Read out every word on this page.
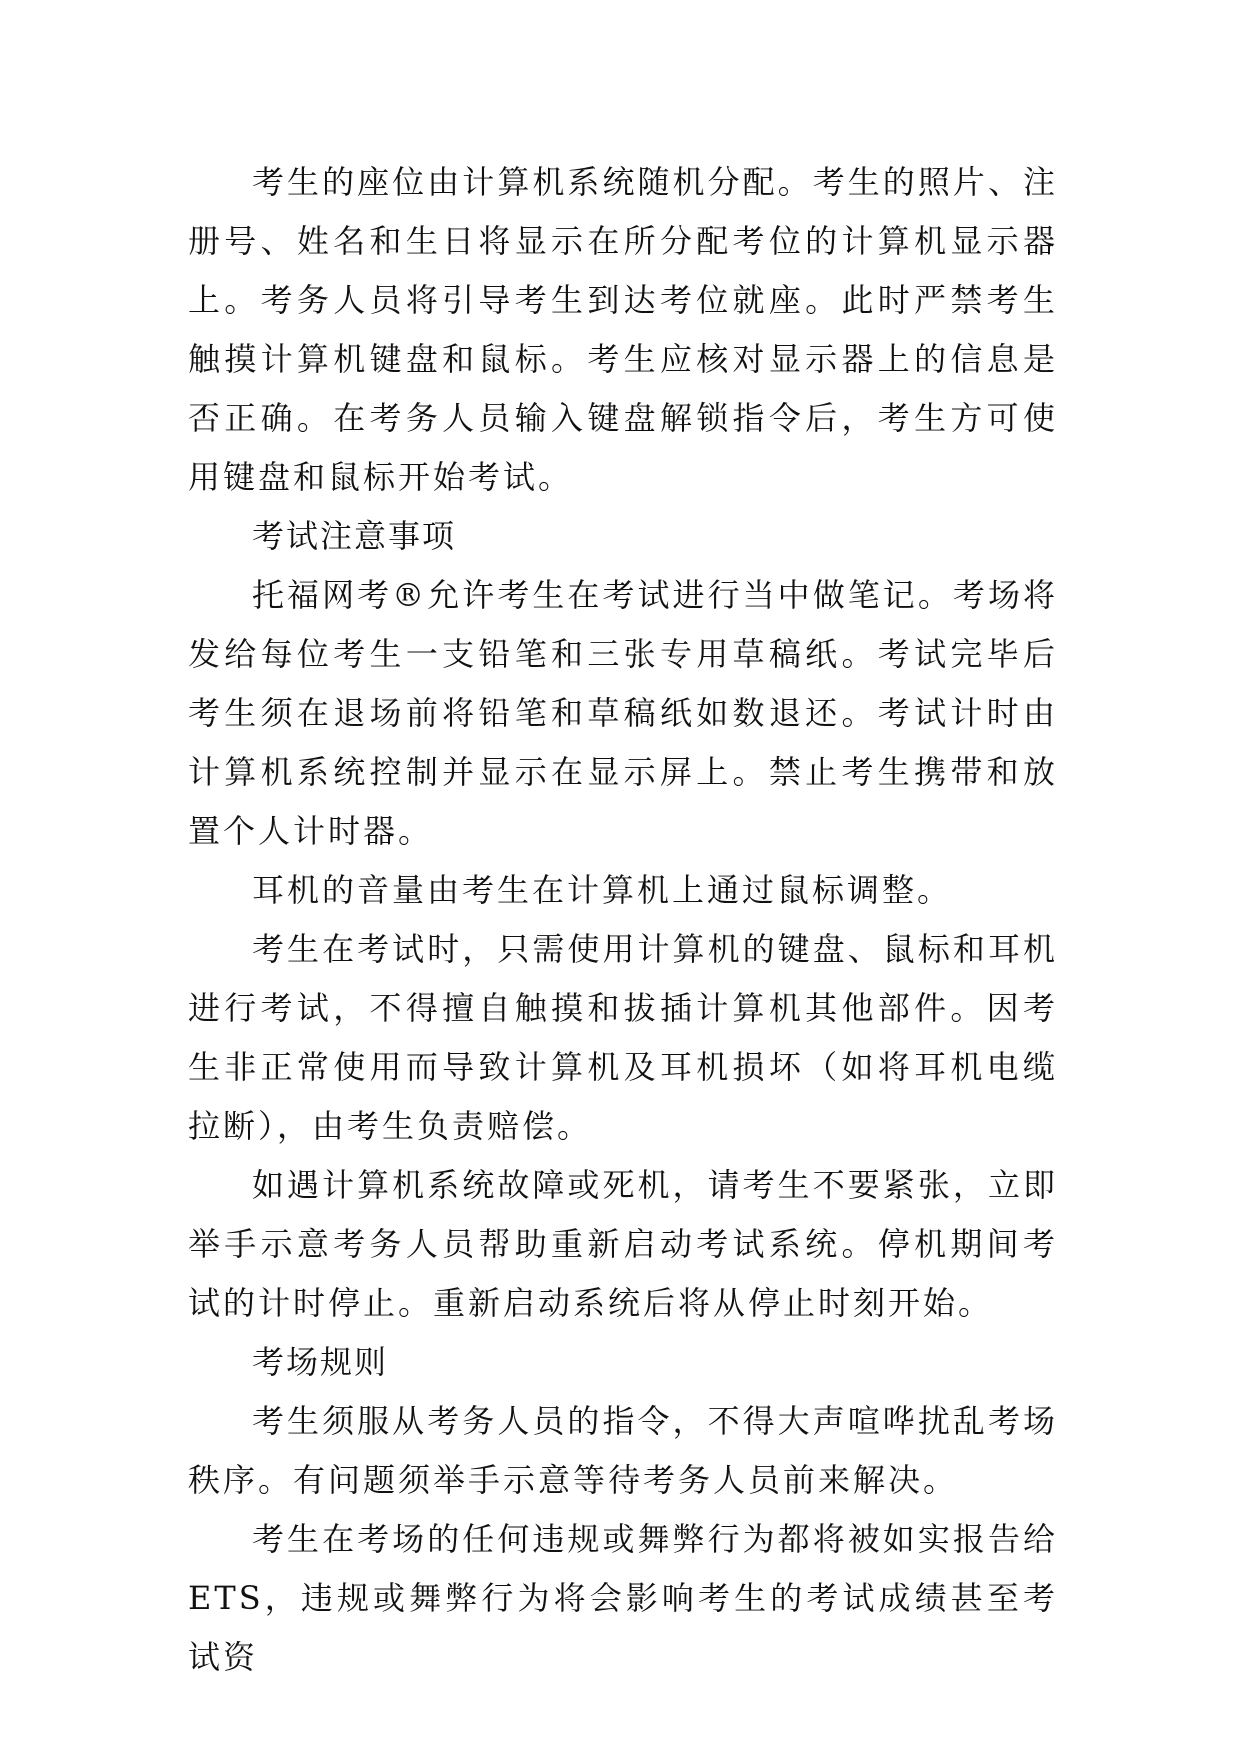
考生的座位由计算机系统随机分配。考生的照片、注册号、姓名和生日将显示在所分配考位的计算机显示器上。考务人员将引导考生到达考位就座。此时严禁考生触摸计算机键盘和鼠标。考生应核对显示器上的信息是否正确。在考务人员输入键盘解锁指令后，考生方可使用键盘和鼠标开始考试。

考试注意事项

托福网考®允许考生在考试进行当中做笔记。考场将发给每位考生一支铅笔和三张专用草稿纸。考试完毕后考生须在退场前将铅笔和草稿纸如数退还。考试计时由计算机系统控制并显示在显示屏上。禁止考生携带和放置个人计时器。

耳机的音量由考生在计算机上通过鼠标调整。

考生在考试时，只需使用计算机的键盘、鼠标和耳机进行考试，不得擅自触摸和拔插计算机其他部件。因考生非正常使用而导致计算机及耳机损坏（如将耳机电缆拉断），由考生负责赔偿。

如遇计算机系统故障或死机，请考生不要紧张，立即举手示意考务人员帮助重新启动考试系统。停机期间考试的计时停止。重新启动系统后将从停止时刻开始。

考场规则

考生须服从考务人员的指令，不得大声喧哗扰乱考场秩序。有问题须举手示意等待考务人员前来解决。

考生在考场的任何违规或舞弊行为都将被如实报告给ETS，违规或舞弊行为将会影响考生的考试成绩甚至考试资
